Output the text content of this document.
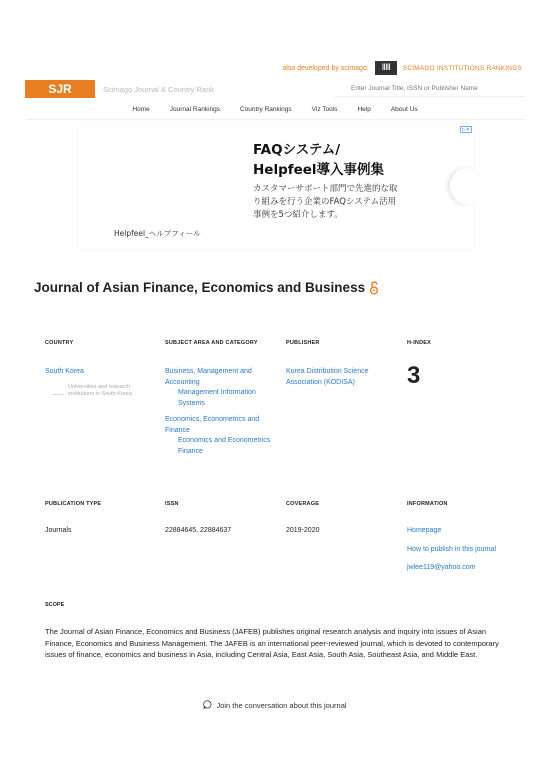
also developed by scimago:	IIIII	SCIMAGO INSTITUTIONS RANKINGS
SJR	Scimago Journal & Country Rank
Enter Journal Title, ISSN or Publisher Name
Home	Journal Rankings	Country Rankings	Viz Tools	Help	About Us
▷✕
FAQシステム/
Helpfeel導入事例集
カスタマーサポート部門で先進的な取り組みを行う企業のFAQシステム活用事例を5つ紹介します。
Helpfeel_ヘルプフィール
Journal of Asian Finance, Economics and Business
COUNTRY
South Korea
Universities and research institutions in South Korea
SUBJECT AREA AND CATEGORY
Business, Management and Accounting
Management Information Systems
Economics, Econometrics and Finance
Economics and Econometrics
Finance
PUBLISHER
Korea Distribution Science Association (KODISA)
H-INDEX
3
PUBLICATION TYPE
Journals
ISSN
22884645, 22884637
COVERAGE
2019-2020
INFORMATION
Homepage
How to publish in this journal
jwlee119@yahoo.com
SCOPE
The Journal of Asian Finance, Economics and Business (JAFEB) publishes original research analysis and inquiry into issues of Asian Finance, Economics and Business Management. The JAFEB is an international peer-reviewed journal, which is devoted to contemporary issues of finance, economics and business in Asia, including Central Asia, East Asia, South Asia, Southeast Asia, and Middle East.
Join the conversation about this journal
